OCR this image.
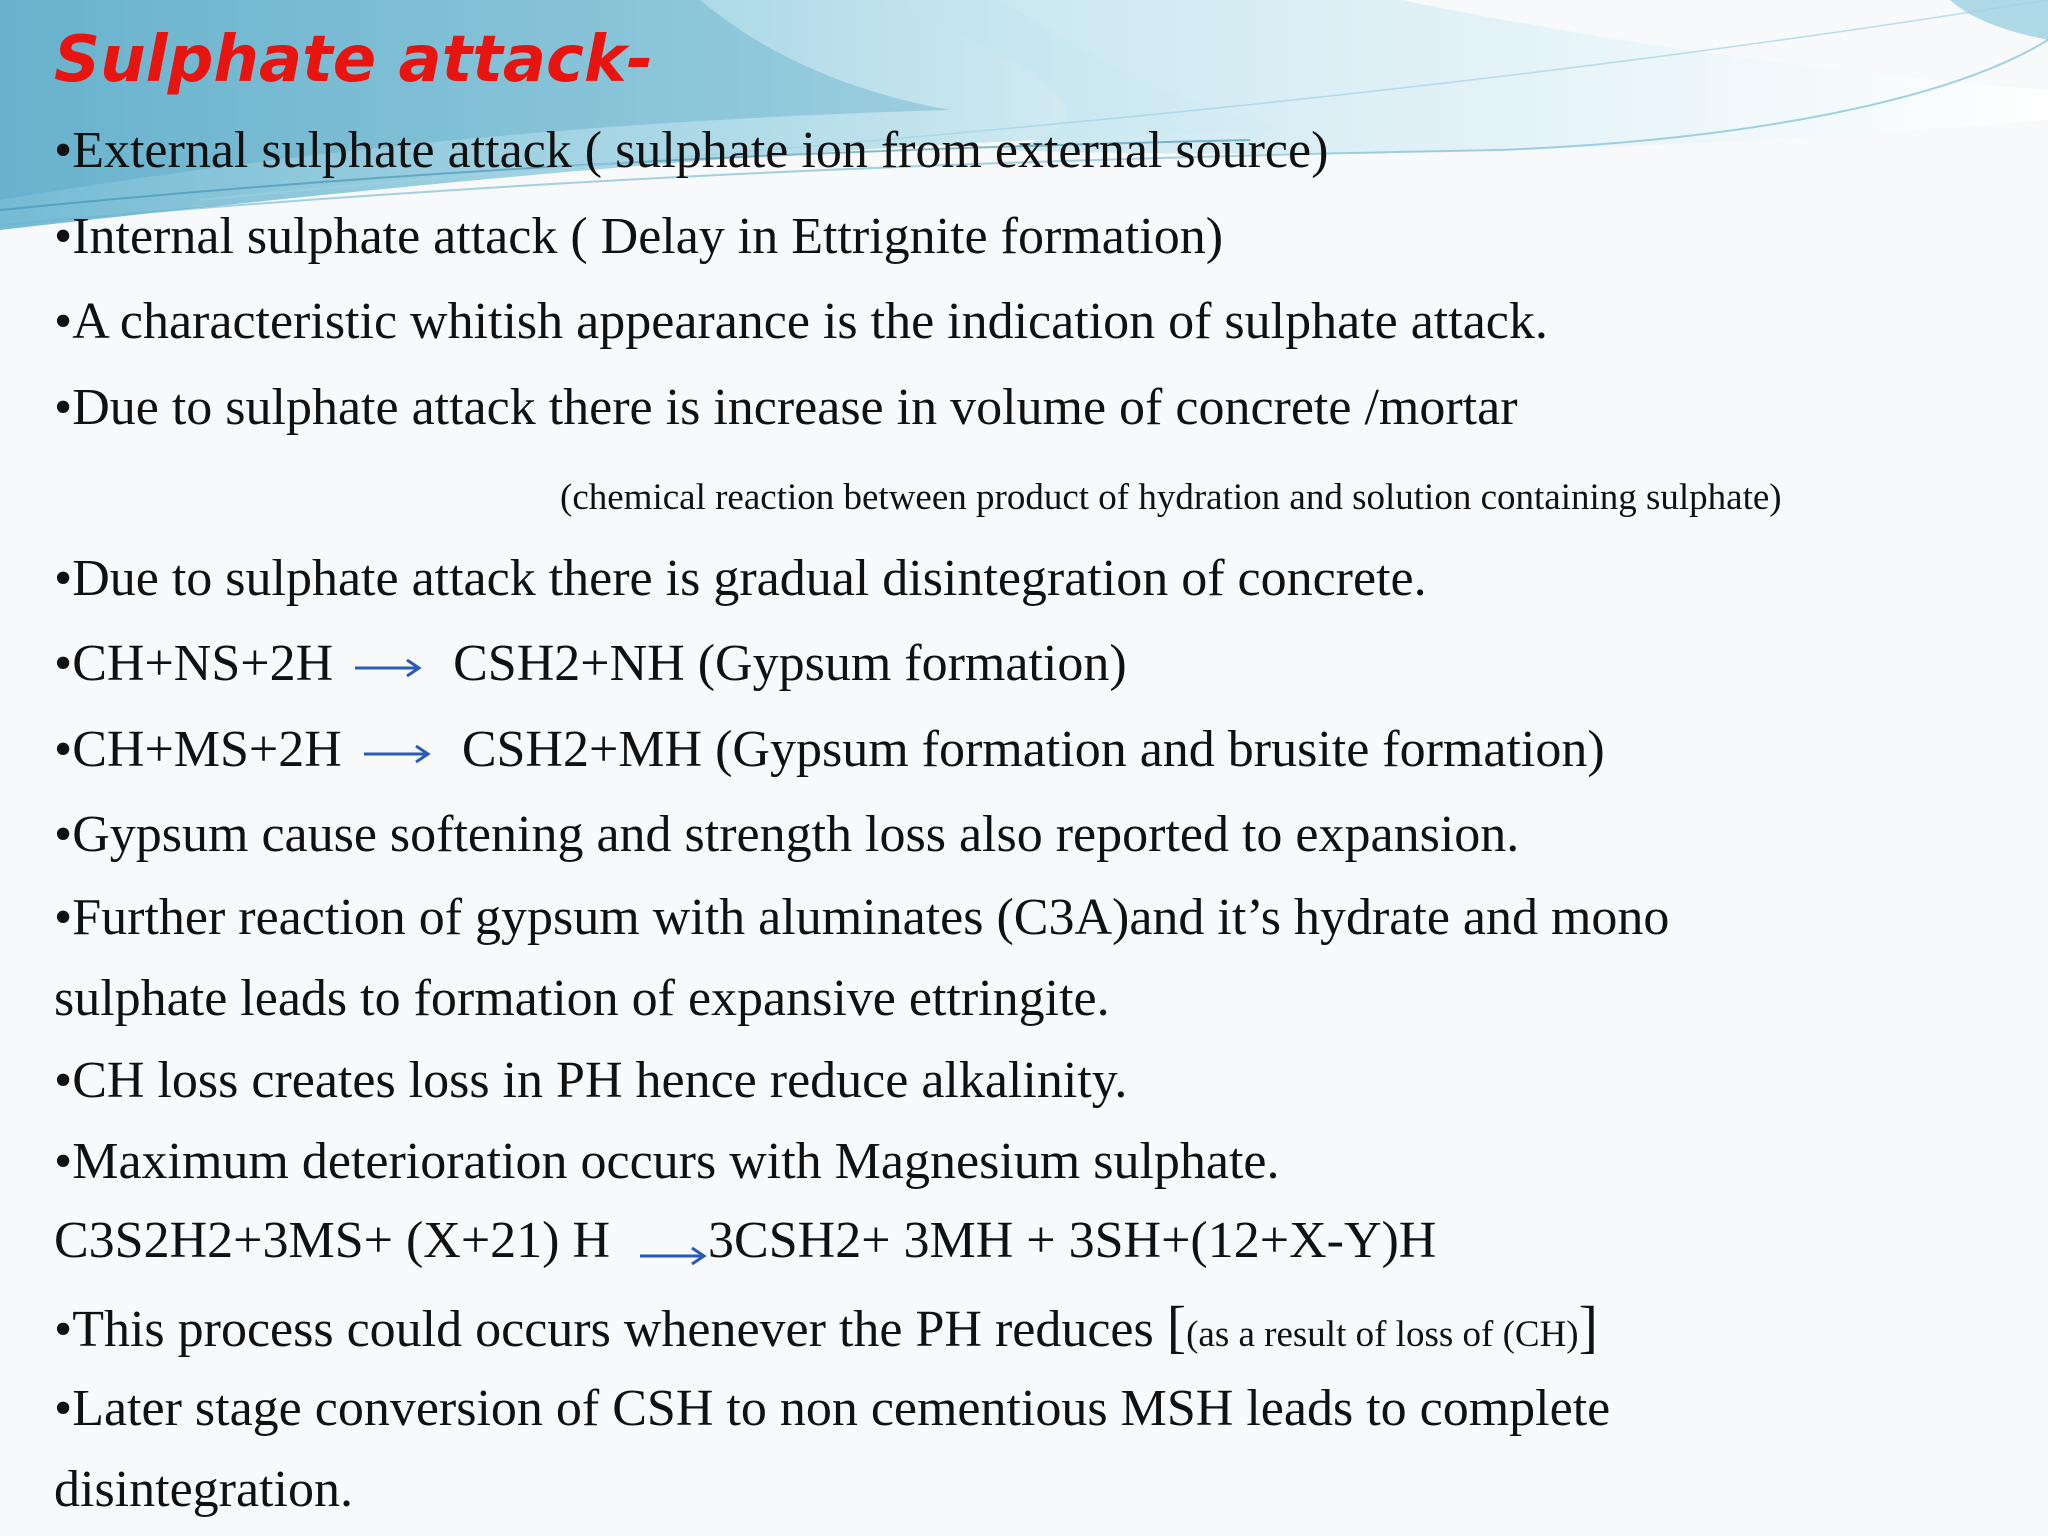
Sulphate attack-
•External sulphate attack ( sulphate ion from external source)
•Internal sulphate attack ( Delay in Ettrignite formation)
•A characteristic whitish appearance is the indication of sulphate attack.
•Due to sulphate attack there is increase in volume of concrete /mortar
(chemical reaction between product of hydration and solution containing sulphate)
•Due to sulphate attack there is gradual disintegration of concrete.
•CH+NS+2H CSH2+NH (Gypsum formation)
•CH+MS+2H CSH2+MH (Gypsum formation and brusite formation)
•Gypsum cause softening and strength loss also reported to expansion.
•Further reaction of gypsum with aluminates (C3A)and it’s hydrate and mono
sulphate leads to formation of expansive ettringite.
•CH loss creates loss in PH hence reduce alkalinity.
•Maximum deterioration occurs with Magnesium sulphate.
C3S2H2+3MS+ (X+21) H 3CSH2+ 3MH + 3SH+(12+X-Y)H
•This process could occurs whenever the PH reduces [(as a result of loss of (CH)]
•Later stage conversion of CSH to non cementious MSH leads to complete
disintegration.
